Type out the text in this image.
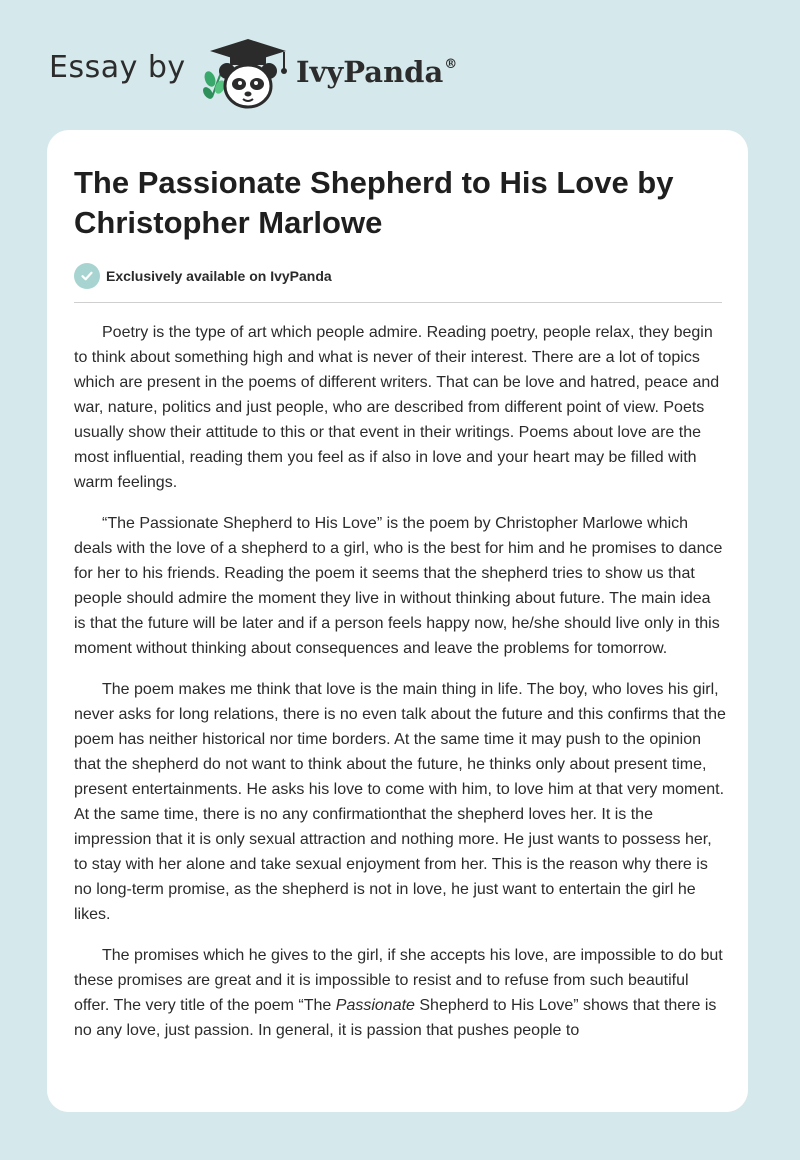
Essay by	IvyPanda®
The Passionate Shepherd to His Love by Christopher Marlowe
Exclusively available on IvyPanda

Poetry is the type of art which people admire. Reading poetry, people relax, they begin to think about something high and what is never of their interest. There are a lot of topics which are present in the poems of different writers. That can be love and hatred, peace and war, nature, politics and just people, who are described from different point of view. Poets usually show their attitude to this or that event in their writings. Poems about love are the most influential, reading them you feel as if also in love and your heart may be filled with warm feelings.

“The Passionate Shepherd to His Love” is the poem by Christopher Marlowe which deals with the love of a shepherd to a girl, who is the best for him and he promises to dance for her to his friends. Reading the poem it seems that the shepherd tries to show us that people should admire the moment they live in without thinking about future. The main idea is that the future will be later and if a person feels happy now, he/she should live only in this moment without thinking about consequences and leave the problems for tomorrow.

The poem makes me think that love is the main thing in life. The boy, who loves his girl, never asks for long relations, there is no even talk about the future and this confirms that the poem has neither historical nor time borders. At the same time it may push to the opinion that the shepherd do not want to think about the future, he thinks only about present time, present entertainments. He asks his love to come with him, to love him at that very moment. At the same time, there is no any confirmationthat the shepherd loves her. It is the impression that it is only sexual attraction and nothing more. He just wants to possess her, to stay with her alone and take sexual enjoyment from her. This is the reason why there is no long-term promise, as the shepherd is not in love, he just want to entertain the girl he likes.

The promises which he gives to the girl, if she accepts his love, are impossible to do but these promises are great and it is impossible to resist and to refuse from such beautiful offer. The very title of the poem “The Passionate Shepherd to His Love” shows that there is no any love, just passion. In general, it is passion that pushes people to
